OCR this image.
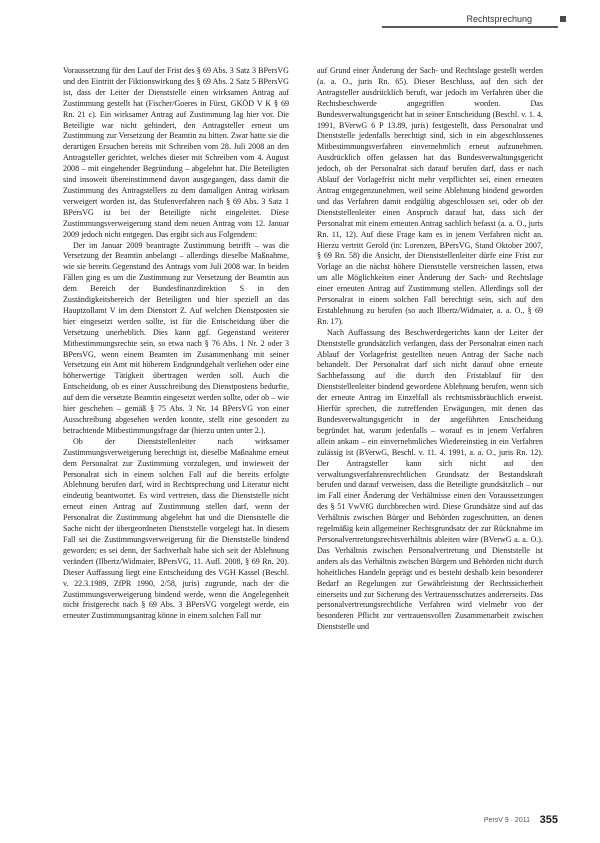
Rechtsprechung

Voraussetzung für den Lauf der Frist des § 69 Abs. 3 Satz 3 BPersVG und den Eintritt der Fiktionswirkung des § 69 Abs. 2 Satz 5 BPersVG ist, dass der Leiter der Dienststelle einen wirksamen Antrag auf Zustimmung gestellt hat (Fischer/Goeres in Fürst, GKÖD V K § 69 Rn. 21 c). Ein wirksamer Antrag auf Zustimmung lag hier vor. Die Beteiligte war nicht gehindert, den Antragsteller erneut um Zustimmung zur Versetzung der Beamtin zu bitten. Zwar hatte sie die derartigen Ersuchen bereits mit Schreiben vom 28. Juli 2008 an den Antragsteller gerichtet, welches dieser mit Schreiben vom 4. August 2008 – mit eingehender Begründung – abgelehnt hat. Die Beteiligten sind insoweit übereinstimmend davon ausgegangen, dass damit die Zustimmung des Antragstellers zu dem damaligen Antrag wirksam verweigert worden ist, das Stufenverfahren nach § 69 Abs. 3 Satz 1 BPersVG ist bei der Beteiligte nicht eingeleitet. Diese Zustimmungsverweigerung stand dem neuen Antrag vom 12. Januar 2009 jedoch nicht entgegen. Das ergibt sich aus Folgendem:

Der im Januar 2009 beantragte Zustimmung betrifft – was die Versetzung der Beamtin anbelangt – allerdings dieselbe Maßnahme, wie sie bereits Gegenstand des Antrags vom Juli 2008 war. In beiden Fällen ging es um die Zustimmung zur Versetzung der Beamtin aus dem Bereich der Bundesfinanzdirektion S in den Zuständigkeitsbereich der Beteiligten und hier speziell an das Hauptzollamt V im dem Dienstort Z. Auf welchen Dienstposten sie hier eingesetzt werden sollte, ist für die Entscheidung über die Versetzung unerheblich. Dies kann ggf. Gegenstand weiterer Mitbestimmungsrechte sein, so etwa nach § 76 Abs. 1 Nr. 2 oder 3 BPersVG, wenn einem Beamten im Zusammenhang mit seiner Versetzung ein Amt mit höherem Endgrundgehalt verliehen oder eine höherwertige Tätigkeit übertragen werden soll. Auch die Entscheidung, ob es einer Ausschreibung des Dienstpostens bedurfte, auf dem die versetzte Beamtin eingesetzt werden sollte, oder ob – wie hier geschehen – gemäß § 75 Abs. 3 Nr. 14 BPersVG von einer Ausschreibung abgesehen werden konnte, stellt eine gesondert zu betrachtende Mitbestimmungsfrage dar (hierzu unten unter 2.).

Ob der Dienststellenleiter nach wirksamer Zustimmungsverweigerung berechtigt ist, dieselbe Maßnahme erneut dem Personalrat zur Zustimmung vorzulegen, und inwieweit der Personalrat sich in einem solchen Fall auf die bereits erfolgte Ablehnung berufen darf, wird in Rechtsprechung und Literatur nicht eindeutig beantwortet. Es wird vertreten, dass die Dienststelle nicht erneut einen Antrag auf Zustimmung stellen darf, wenn der Personalrat die Zustimmung abgelehnt hat und die Dienststelle die Sache nicht der übergeordneten Dienststelle vorgelegt hat. In diesem Fall sei die Zustimmungsverweigerung für die Dienststelle bindend geworden; es sei denn, der Sachverhalt habe sich seit der Ablehnung verändert (Ilbertz/Widmaier, BPersVG, 11. Aufl. 2008, § 69 Rn. 20). Dieser Auffassung liegt eine Entscheidung des VGH Kassel (Beschl. v. 22.3.1989, ZfPR 1990, 2/58, juris) zugrunde, nach der die Zustimmungsverweigerung bindend werde, wenn die Angelegenheit nicht fristgerecht nach § 69 Abs. 3 BPersVG vorgelegt werde, ein erneuter Zustimmungsantrag könne in einem solchen Fall nur

auf Grund einer Änderung der Sach- und Rechtslage gestellt werden (a. a. O., juris Rn. 65). Dieser Beschluss, auf den sich der Antragsteller ausdrücklich beruft, war jedoch im Verfahren über die Rechtsbeschwerde angegriffen worden. Das Bundesverwaltungsgericht hat in seiner Entscheidung (Beschl. v. 1. 4. 1991, BVerwG 6 P 13.89, juris) festgestellt, dass Personalrat und Dienststelle jedenfalls berechtigt sind, sich in ein abgeschlossenes Mitbestimmungsverfahren einvernehmlich erneut aufzunehmen. Ausdrücklich offen gelassen hat das Bundesverwaltungsgericht jedoch, ob der Personalrat sich darauf berufen darf, dass er nach Ablauf der Vorlagefrist nicht mehr verpflichtet sei, einen erneuten Antrag entgegenzunehmen, weil seine Ablehnung bindend geworden und das Verfahren damit endgültig abgeschlossen sei, oder ob der Dienststellenleiter einen Anspruch darauf hat, dass sich der Personalrat mit einem erneuten Antrag sachlich befasst (a. a. O., juris Rn. 11, 12). Auf diese Frage kam es in jenem Verfahren nicht an. Hierzu vertritt Gerold (in: Lorenzen, BPersVG, Stand Oktober 2007, § 69 Rn. 58) die Ansicht, der Dienststellenleiter dürfe eine Frist zur Vorlage an die nächst höhere Dienststelle verstreichen lassen, etwa um alle Möglichkeiten einer Änderung der Sach- und Rechtslage einer erneuten Antrag auf Zustimmung stellen. Allerdings soll der Personalrat in einem solchen Fall berechtigt sein, sich auf den Erstablehnung zu berufen (so auch Ilbertz/Widmaier, a. a. O., § 69 Rn. 17).

Nach Auffassung des Beschwerdegerichts kann der Leiter der Dienststelle grundsätzlich verlangen, dass der Personalrat einen nach Ablauf der Vorlagefrist gestellten neuen Antrag der Sache nach behandelt. Der Personalrat darf sich nicht darauf ohne erneute Sachbefassung auf die durch den Fristablauf für den Dienststellenleiter bindend gewordene Ablehnung berufen, wenn sich der erneute Antrag im Einzelfall als rechtsmissbräuchlich erweist. Hierfür sprechen, die zutreffenden Erwägungen, mit denen das Bundesverwaltungsgericht in der angeführten Entscheidung begründet hat, warum jedenfalls – worauf es in jenem Verfahren allein ankam – ein einvernehmliches Wiedereinstieg in ein Verfahren zulässig ist (BVerwG, Beschl. v. 11. 4. 1991, a. a. O., juris Rn. 12). Der Antragsteller kann sich nicht auf den verwaltungsverfahrensrechtlichen Grundsatz der Bestandskraft berufen und darauf verweisen, dass die Beteiligte grundsätzlich – nur im Fall einer Änderung der Verhältnisse einen den Voraussetzungen des § 51 VwVfG durchbrechen wird. Diese Grundsätze sind auf das Verhältnis zwischen Bürger und Behörden zugeschnitten, an denen regelmäßig kein allgemeiner Rechtsgrundsatz der zur Rücknahme im Personalvertretungsrechtsverhältnis ableiten wäre (BVerwG a. a. O.). Das Verhältnis zwischen Personalvertretung und Dienststelle ist anders als das Verhältnis zwischen Bürgern und Behörden nicht durch hoheitliches Handeln geprägt und es besteht deshalb kein besonderer Bedarf an Regelungen zur Gewährleistung der Rechtssicherheit einerseits und zur Sicherung des Vertrauensschutzes andererseits. Das personalvertretungsrechtliche Verfahren wird vielmehr von der besonderen Pflicht zur vertrauensvollen Zusammenarbeit zwischen Dienststelle und

PersV 9 · 2011 355
